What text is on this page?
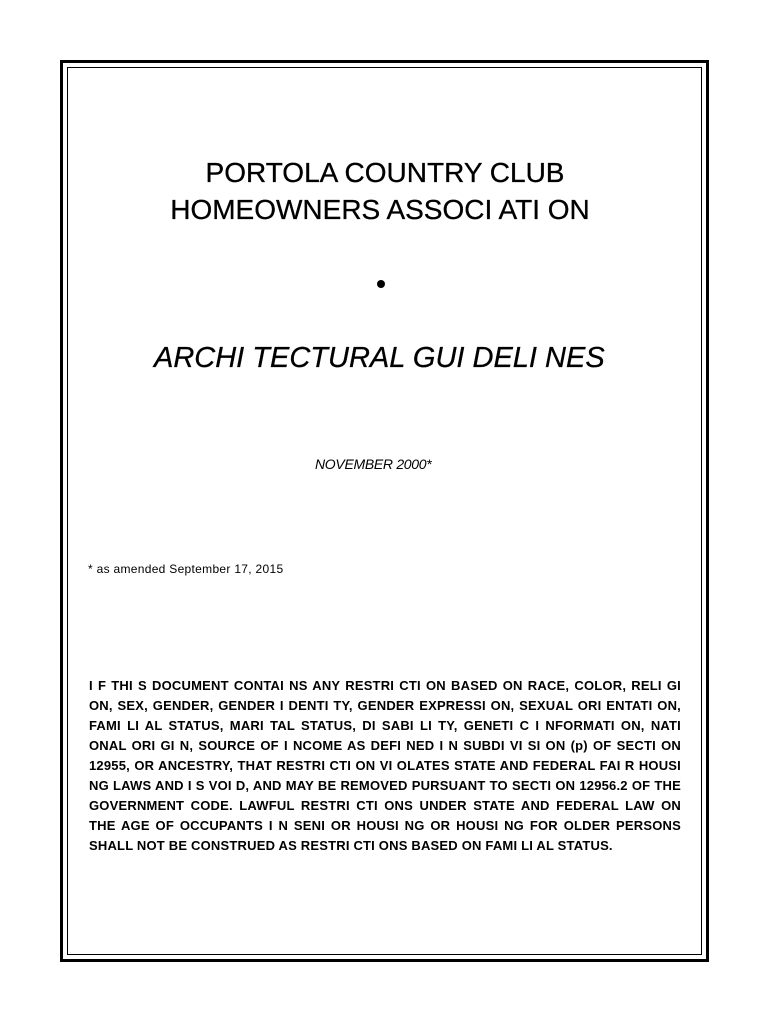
PORTOLA COUNTRY CLUB
HOMEOWNERS ASSOCI ATI ON
ARCHI TECTURAL GUI DELI NES
NOVEMBER 2000*
* as amended September 17, 2015

I F THI S DOCUMENT CONTAI NS ANY RESTRI CTI ON BASED ON RACE, COLOR, RELI GI ON, SEX, GENDER, GENDER I DENTI TY, GENDER EXPRESSI ON, SEXUAL ORI ENTATI ON, FAMI LI AL STATUS, MARI TAL STATUS, DI SABI LI TY, GENETI C I NFORMATI ON, NATI ONAL ORI GI N, SOURCE OF I NCOME AS DEFI NED I N SUBDI VI SI ON (p) OF SECTI ON 12955, OR ANCESTRY, THAT RESTRI CTI ON VI OLATES STATE AND FEDERAL FAI R HOUSI NG LAWS AND I S VOI D, AND MAY BE REMOVED PURSUANT TO SECTI ON 12956.2 OF THE GOVERNMENT CODE. LAWFUL RESTRI CTI ONS UNDER STATE AND FEDERAL LAW ON THE AGE OF OCCUPANTS I N SENI OR HOUSI NG OR HOUSI NG FOR OLDER PERSONS SHALL NOT BE CONSTRUED AS RESTRI CTI ONS BASED ON FAMI LI AL STATUS.
